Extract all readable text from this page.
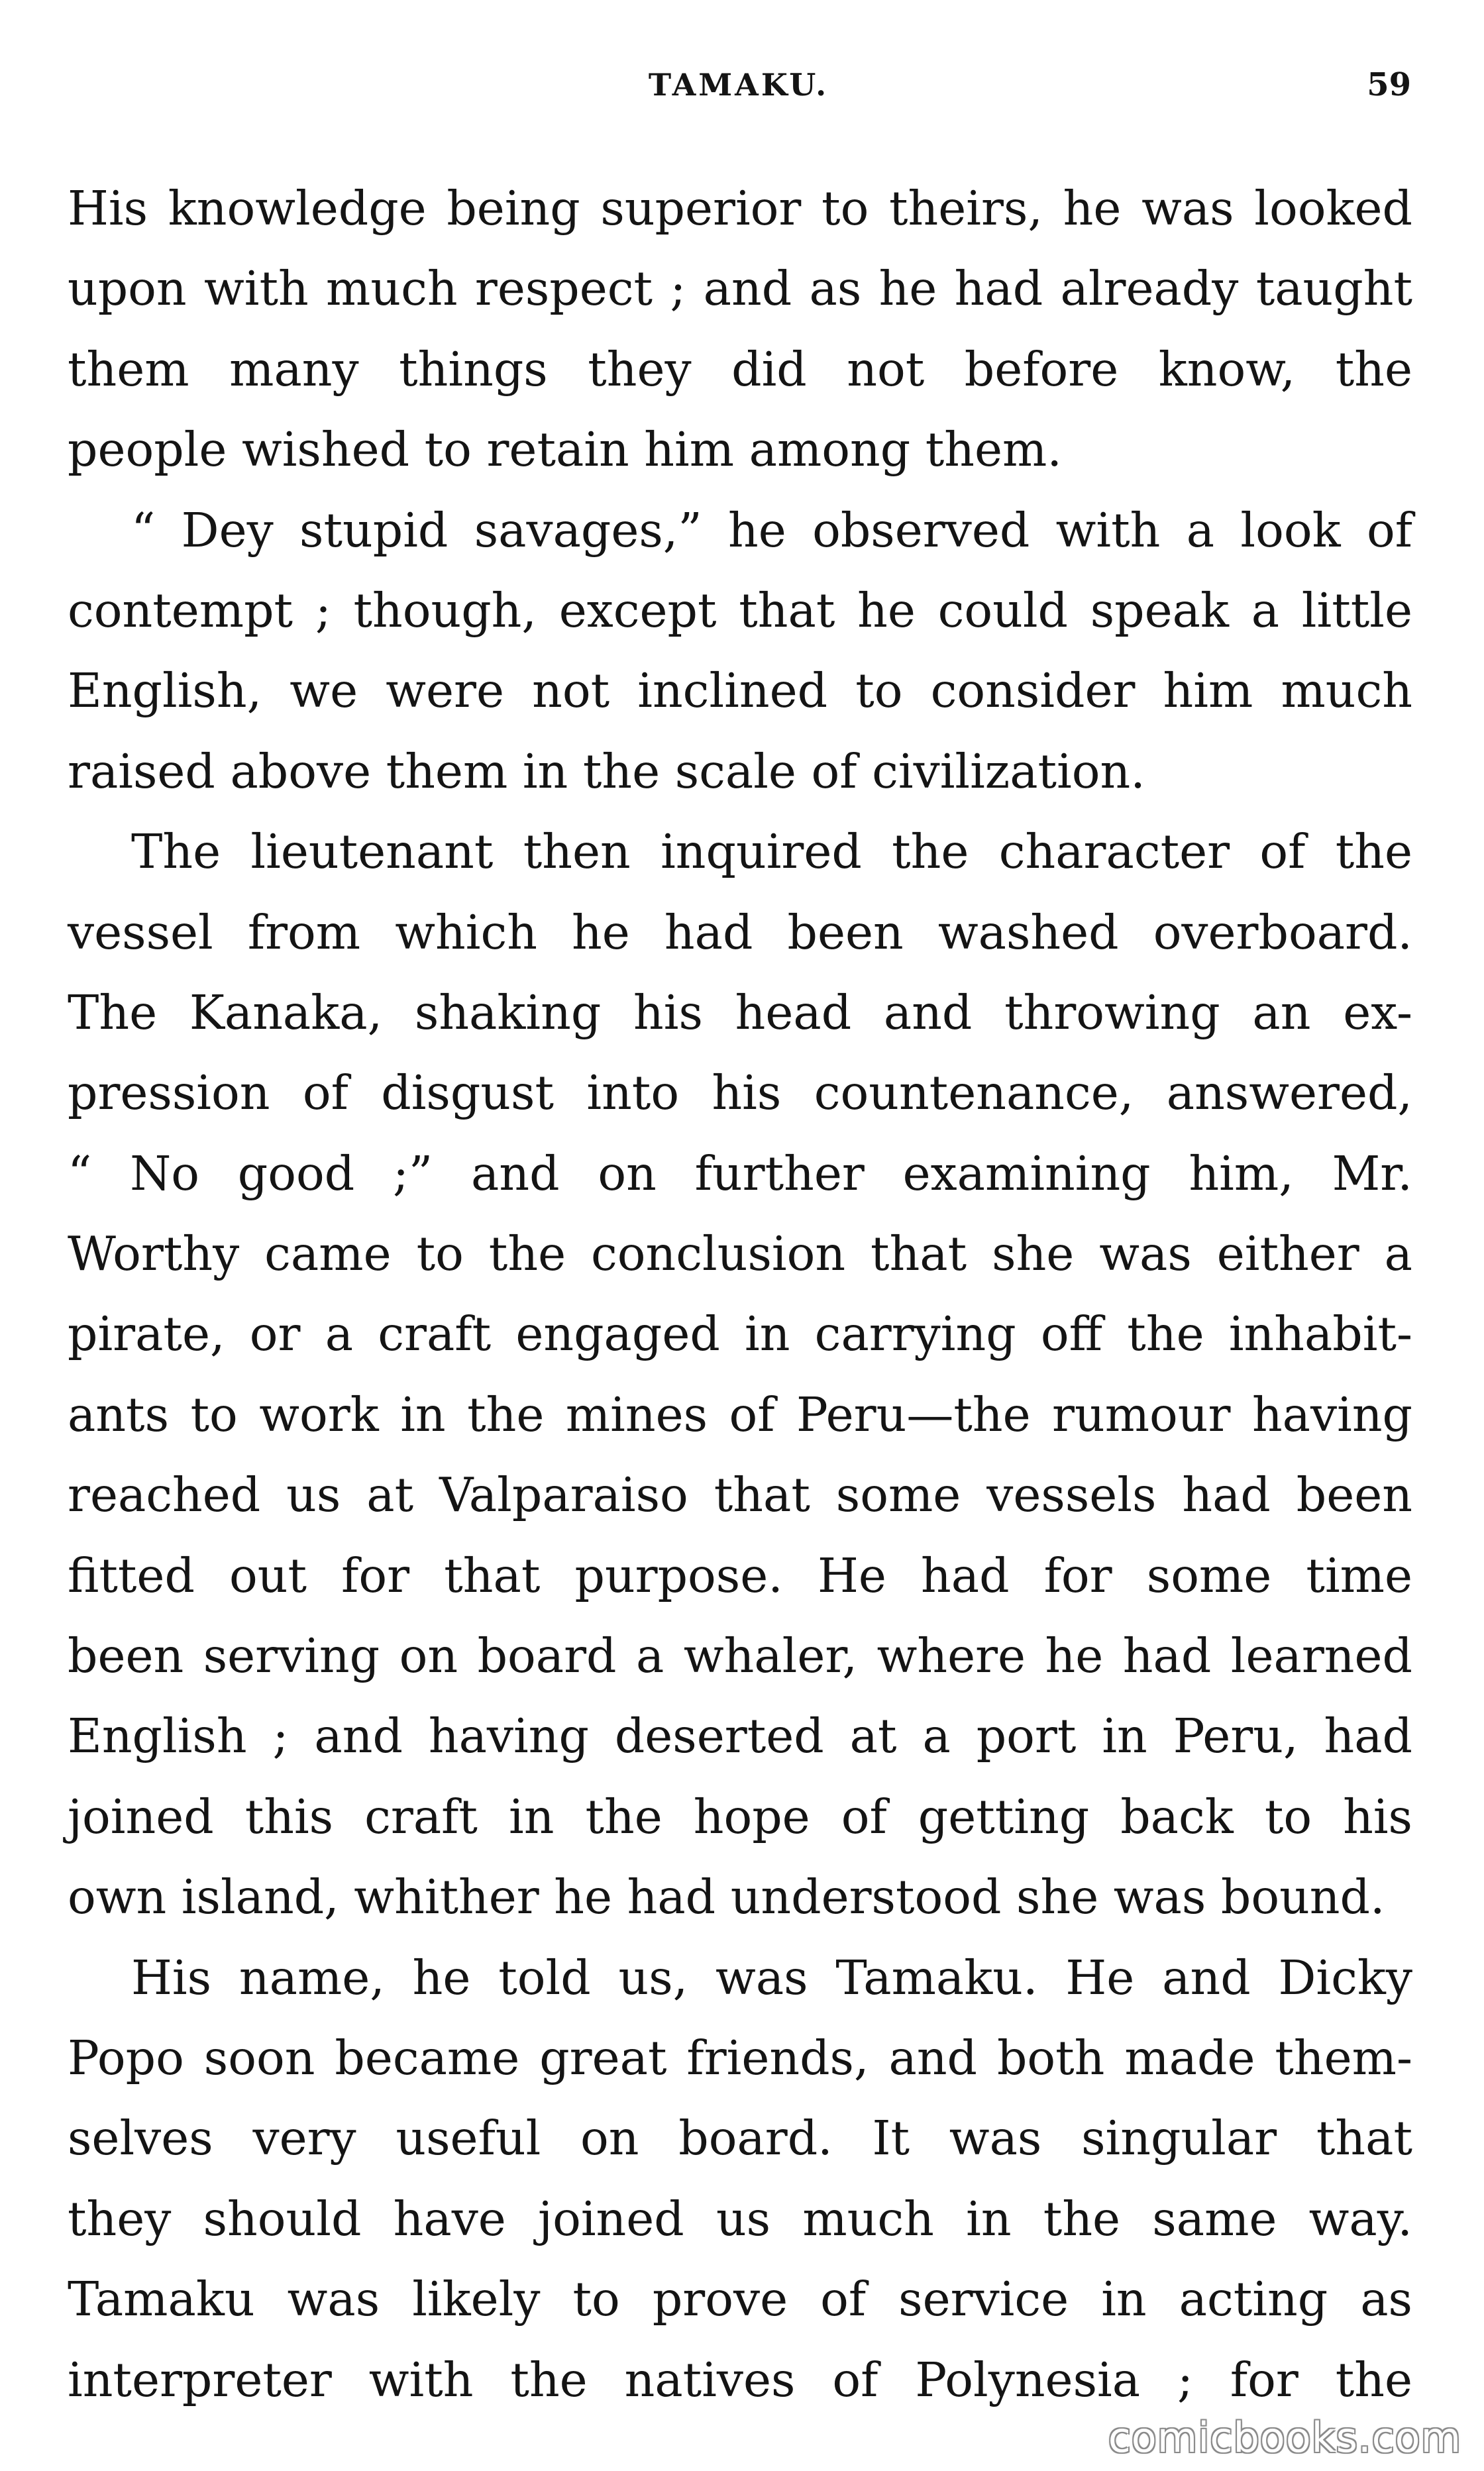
TAMAKU.	59
His knowledge being superior to theirs, he was looked
upon with much respect ; and as he had already taught
them many things they did not before know, the
people wished to retain him among them.
“ Dey stupid savages,” he observed with a look of
contempt ; though, except that he could speak a little
English, we were not inclined to consider him much
raised above them in the scale of civilization.
The lieutenant then inquired the character of the
vessel from which he had been washed overboard.
The Kanaka, shaking his head and throwing an ex-
pression of disgust into his countenance, answered,
“ No good ;” and on further examining him, Mr.
Worthy came to the conclusion that she was either a
pirate, or a craft engaged in carrying off the inhabit-
ants to work in the mines of Peru—the rumour having
reached us at Valparaiso that some vessels had been
fitted out for that purpose. He had for some time
been serving on board a whaler, where he had learned
English ; and having deserted at a port in Peru, had
joined this craft in the hope of getting back to his
own island, whither he had understood she was bound.
His name, he told us, was Tamaku. He and Dicky
Popo soon became great friends, and both made them-
selves very useful on board. It was singular that
they should have joined us much in the same way.
Tamaku was likely to prove of service in acting as
interpreter with the natives of Polynesia ; for the
comicbooks.com
